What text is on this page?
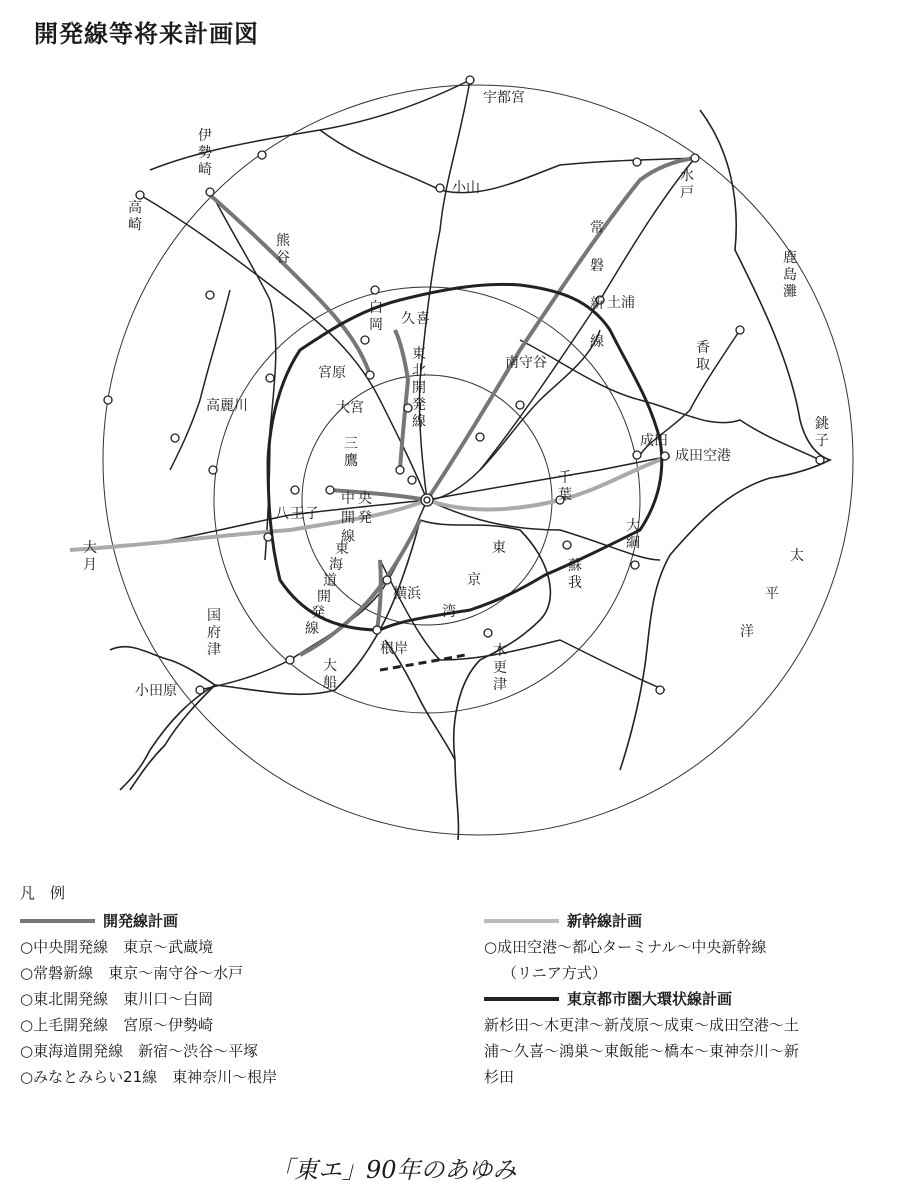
開発線等将来計画図
宇都宮
小山
土浦
南守谷
宮原
高麗川	大宮
成田
成田空港
横浜
根岸
小田原
伊勢崎
高崎
水戸
熊谷
常磐新線
鹿島灘
白岡 久喜
東北開発線
香取
銚子
三鷹
中 央開 発線
八王子
千葉
大月
東海道開発線
東京湾
蘇我
大綱
太平洋
国府津	木更津
大船
凡　例
開発線計画
○中央開発線　東京～武蔵境
○常磐新線　東京～南守谷～水戸
○東北開発線　東川口～白岡
○上毛開発線　宮原～伊勢崎
○東海道開発線　新宿～渋谷～平塚
○みなとみらい21線　東神奈川～根岸
新幹線計画
○成田空港～都心ターミナル～中央新幹線
（リニア方式）
東京都市圏大環状線計画
新杉田～木更津～新茂原～成東～成田空港～土
浦～久喜～鴻巣～東飯能～橋本～東神奈川～新
杉田
「東エ」90年のあゆみ
